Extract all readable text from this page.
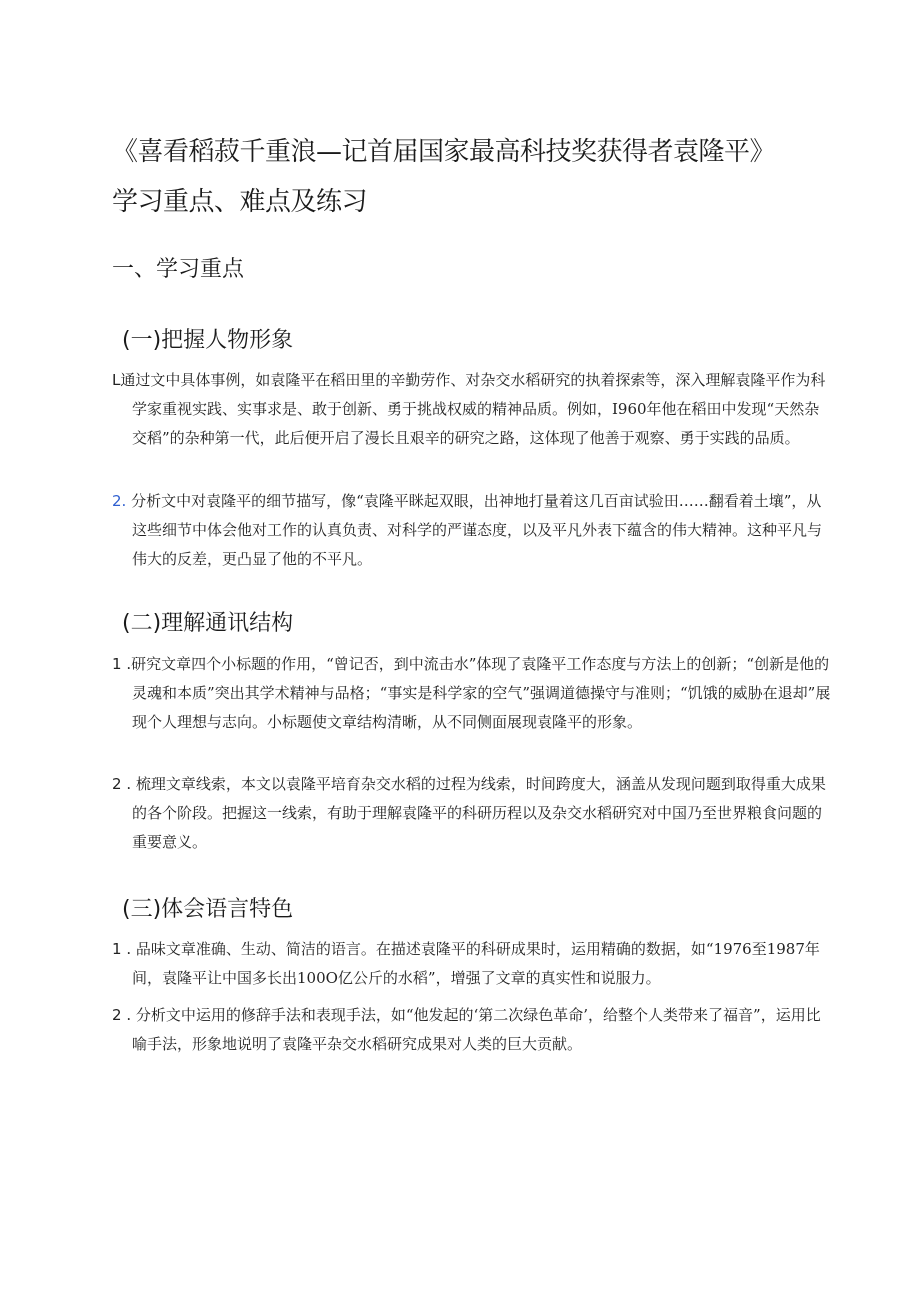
《喜看稻菽千重浪—记首届国家最高科技奖获得者袁隆平》
学习重点、难点及练习
一、学习重点
(一)把握人物形象

L通过文中具体事例，如袁隆平在稻田里的辛勤劳作、对杂交水稻研究的执着探索等，深入理解袁隆平作为科学家重视实践、实事求是、敢于创新、勇于挑战权威的精神品质。例如，I960年他在稻田中发现“天然杂交稻”的杂种第一代，此后便开启了漫长且艰辛的研究之路，这体现了他善于观察、勇于实践的品质。

2. 分析文中对袁隆平的细节描写，像“袁隆平眯起双眼，出神地打量着这几百亩试验田……翻看着土壤”，从这些细节中体会他对工作的认真负责、对科学的严谨态度，以及平凡外表下蕴含的伟大精神。这种平凡与伟大的反差，更凸显了他的不平凡。

(二)理解通讯结构

1 .研究文章四个小标题的作用，“曾记否，到中流击水”体现了袁隆平工作态度与方法上的创新；“创新是他的灵魂和本质”突出其学术精神与品格；“事实是科学家的空气”强调道德操守与准则；“饥饿的威胁在退却”展现个人理想与志向。小标题使文章结构清晰，从不同侧面展现袁隆平的形象。

2 . 梳理文章线索，本文以袁隆平培育杂交水稻的过程为线索，时间跨度大，涵盖从发现问题到取得重大成果的各个阶段。把握这一线索，有助于理解袁隆平的科研历程以及杂交水稻研究对中国乃至世界粮食问题的重要意义。

(三)体会语言特色

1 . 品味文章准确、生动、简洁的语言。在描述袁隆平的科研成果时，运用精确的数据，如“1976至1987年间，袁隆平让中国多长出100O亿公斤的水稻”，增强了文章的真实性和说服力。

2 . 分析文中运用的修辞手法和表现手法，如“他发起的‘第二次绿色革命’，给整个人类带来了福音”，运用比喻手法，形象地说明了袁隆平杂交水稻研究成果对人类的巨大贡献。
